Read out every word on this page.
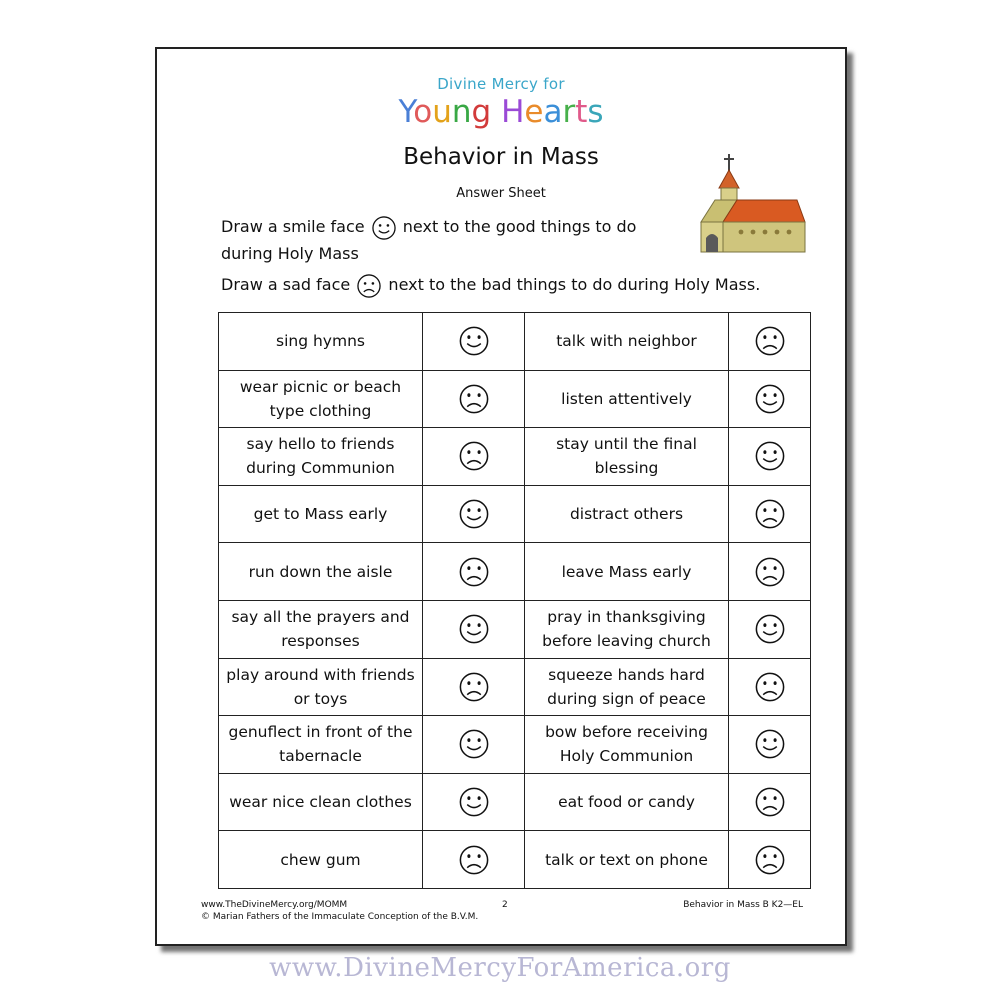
Divine Mercy for
Young Hearts
Behavior in Mass
Answer Sheet
Draw a smile face next to the good things to do
during Holy Mass
Draw a sad face next to the bad things to do during Holy Mass.
sing hymns		talk with neighbor	

wear picnic or beach type clothing		listen attentively	

say hello to friends during Communion		stay until the final blessing	

get to Mass early		distract others	

run down the aisle		leave Mass early	

say all the prayers and responses		pray in thanksgiving before leaving church	

play around with friends or toys		squeeze hands hard during sign of peace	

genuflect in front of the tabernacle		bow before receiving Holy Communion	

wear nice clean clothes		eat food or candy	

chew gum		talk or text on phone	
www.TheDivineMercy.org/MOMM
© Marian Fathers of the Immaculate Conception of the B.V.M.
2	Behavior in Mass B K2—EL
www.DivineMercyForAmerica.org
